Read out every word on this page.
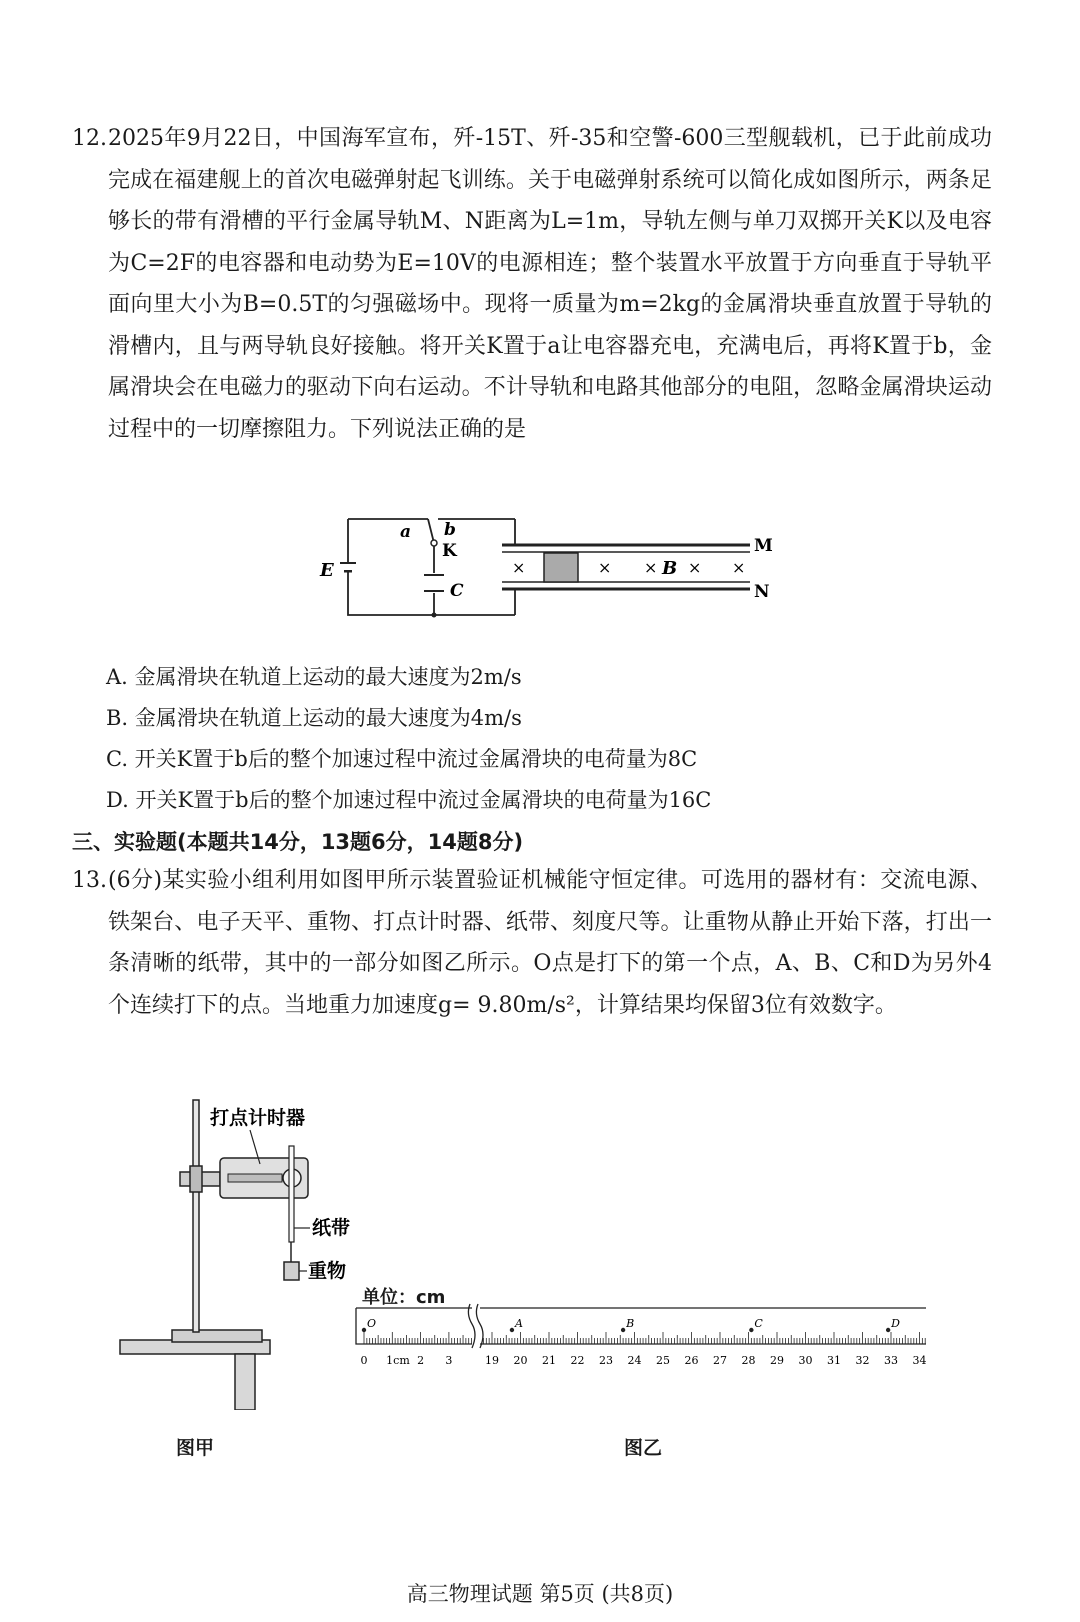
12. 2025年9月22日，中国海军宣布，歼-15T、歼-35和空警-600三型舰载机，已于此前成功完成在福建舰上的首次电磁弹射起飞训练。关于电磁弹射系统可以简化成如图所示，两条足够长的带有滑槽的平行金属导轨M、N距离为L=1m，导轨左侧与单刀双掷开关K以及电容为C=2F的电容器和电动势为E=10V的电源相连；整个装置水平放置于方向垂直于导轨平面向里大小为B=0.5T的匀强磁场中。现将一质量为m=2kg的金属滑块垂直放置于导轨的滑槽内，且与两导轨良好接触。将开关K置于a让电容器充电，充满电后，再将K置于b，金属滑块会在电磁力的驱动下向右运动。不计导轨和电路其他部分的电阻，忽略金属滑块运动过程中的一切摩擦阻力。下列说法正确的是
E
a b
K
C
M
N
×	× × B × ×
A. 金属滑块在轨道上运动的最大速度为2m/s
B. 金属滑块在轨道上运动的最大速度为4m/s
C. 开关K置于b后的整个加速过程中流过金属滑块的电荷量为8C
D. 开关K置于b后的整个加速过程中流过金属滑块的电荷量为16C
三、实验题(本题共14分，13题6分，14题8分)
13. (6分)某实验小组利用如图甲所示装置验证机械能守恒定律。可选用的器材有：交流电源、铁架台、电子天平、重物、打点计时器、纸带、刻度尺等。让重物从静止开始下落，打出一条清晰的纸带，其中的一部分如图乙所示。O点是打下的第一个点，A、B、C和D为另外4个连续打下的点。当地重力加速度g= 9.80m/s²，计算结果均保留3位有效数字。
打点计时器
纸带
重物
图甲
单位：cm
0 1cm 2 3	19 20 21 22 23 24 25 26 27 28 29 30 31 32 33 34
O	A	B	C	D
图乙
高三物理试题 第5页 (共8页)
